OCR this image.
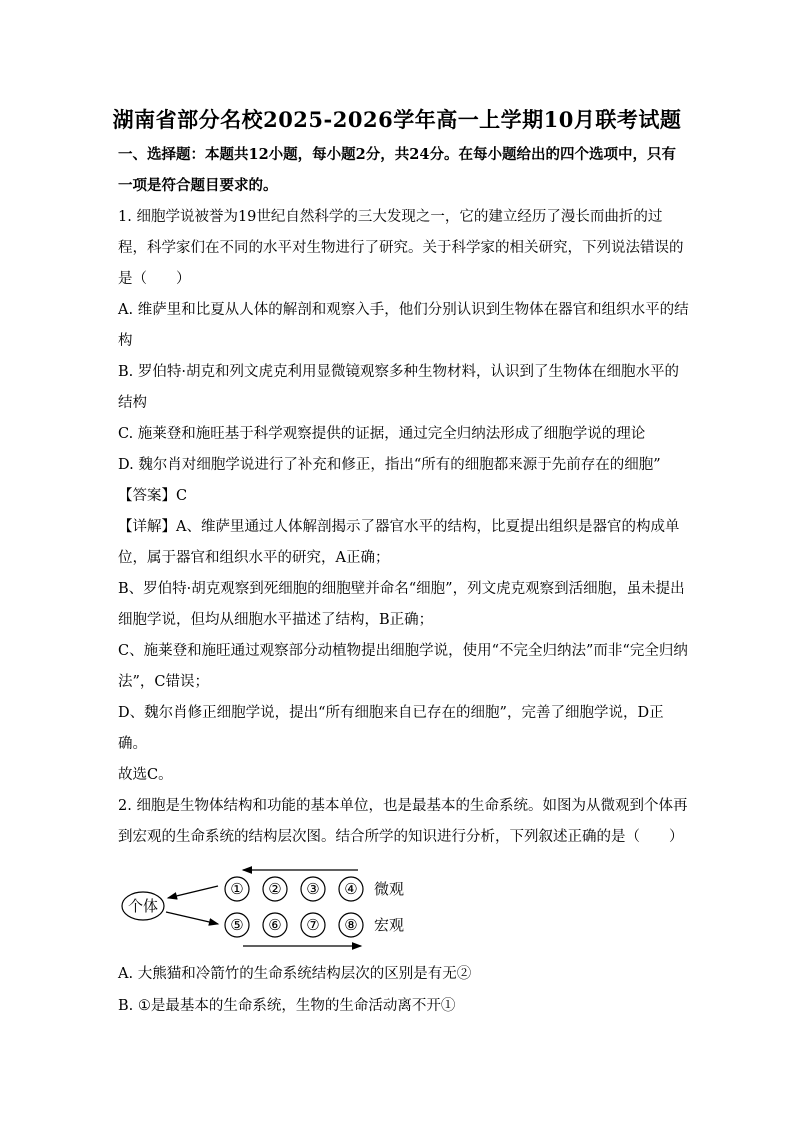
湖南省部分名校2025-2026学年高一上学期10月联考试题
一、选择题：本题共12小题，每小题2分，共24分。在每小题给出的四个选项中，只有
一项是符合题目要求的。
1. 细胞学说被誉为19世纪自然科学的三大发现之一，它的建立经历了漫长而曲折的过
程，科学家们在不同的水平对生物进行了研究。关于科学家的相关研究，下列说法错误的
是（　　）
A. 维萨里和比夏从人体的解剖和观察入手，他们分别认识到生物体在器官和组织水平的结
构
B. 罗伯特·胡克和列文虎克利用显微镜观察多种生物材料，认识到了生物体在细胞水平的
结构
C. 施莱登和施旺基于科学观察提供的证据，通过完全归纳法形成了细胞学说的理论
D. 魏尔肖对细胞学说进行了补充和修正，指出“所有的细胞都来源于先前存在的细胞”
【答案】C
【详解】A、维萨里通过人体解剖揭示了器官水平的结构，比夏提出组织是器官的构成单
位，属于器官和组织水平的研究，A正确；
B、罗伯特·胡克观察到死细胞的细胞壁并命名“细胞”，列文虎克观察到活细胞，虽未提出
细胞学说，但均从细胞水平描述了结构，B正确；
C、施莱登和施旺通过观察部分动植物提出细胞学说，使用“不完全归纳法”而非“完全归纳
法”，C错误；
D、魏尔肖修正细胞学说，提出“所有细胞来自已存在的细胞”，完善了细胞学说，D正
确。
故选C。
2. 细胞是生物体结构和功能的基本单位，也是最基本的生命系统。如图为从微观到个体再
到宏观的生命系统的结构层次图。结合所学的知识进行分析，下列叙述正确的是（　　）
个体
① ② ③ ④ 微观
⑤ ⑥ ⑦ ⑧ 宏观
A. 大熊猫和冷箭竹的生命系统结构层次的区别是有无②
B. ①是最基本的生命系统，生物的生命活动离不开①
